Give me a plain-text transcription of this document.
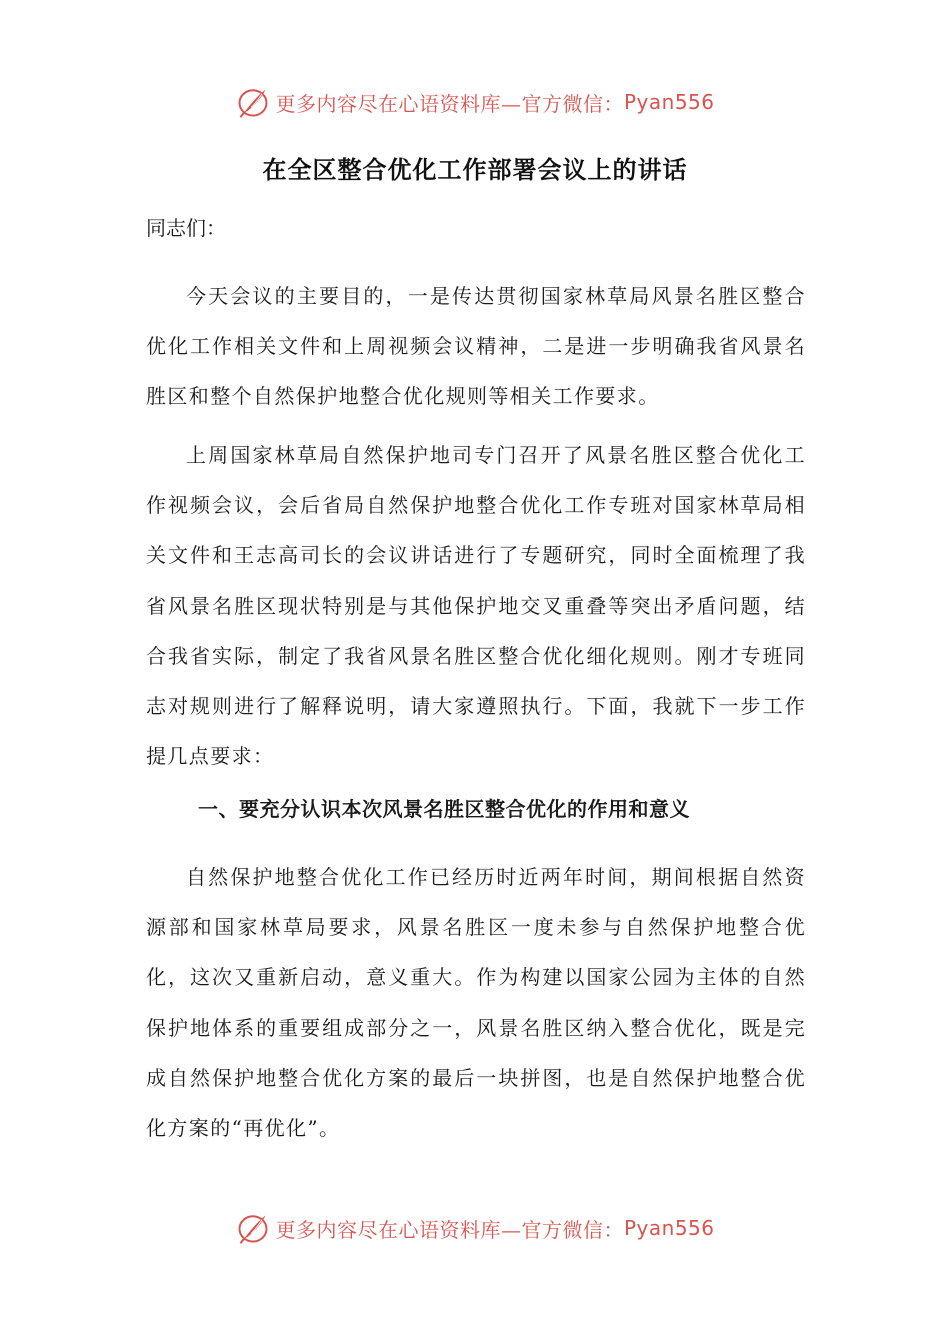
更多内容尽在心语资料库—官方微信： Pyan556
在全区整合优化工作部署会议上的讲话
同志们：

今天会议的主要目的，一是传达贯彻国家林草局风景名胜区整合优化工作相关文件和上周视频会议精神，二是进一步明确我省风景名胜区和整个自然保护地整合优化规则等相关工作要求。

上周国家林草局自然保护地司专门召开了风景名胜区整合优化工作视频会议，会后省局自然保护地整合优化工作专班对国家林草局相关文件和王志高司长的会议讲话进行了专题研究，同时全面梳理了我省风景名胜区现状特别是与其他保护地交叉重叠等突出矛盾问题，结合我省实际，制定了我省风景名胜区整合优化细化规则。刚才专班同志对规则进行了解释说明，请大家遵照执行。下面，我就下一步工作提几点要求：

一、要充分认识本次风景名胜区整合优化的作用和意义

自然保护地整合优化工作已经历时近两年时间，期间根据自然资源部和国家林草局要求，风景名胜区一度未参与自然保护地整合优化，这次又重新启动，意义重大。作为构建以国家公园为主体的自然保护地体系的重要组成部分之一，风景名胜区纳入整合优化，既是完成自然保护地整合优化方案的最后一块拼图，也是自然保护地整合优化方案的“再优化”。

更多内容尽在心语资料库—官方微信： Pyan556
